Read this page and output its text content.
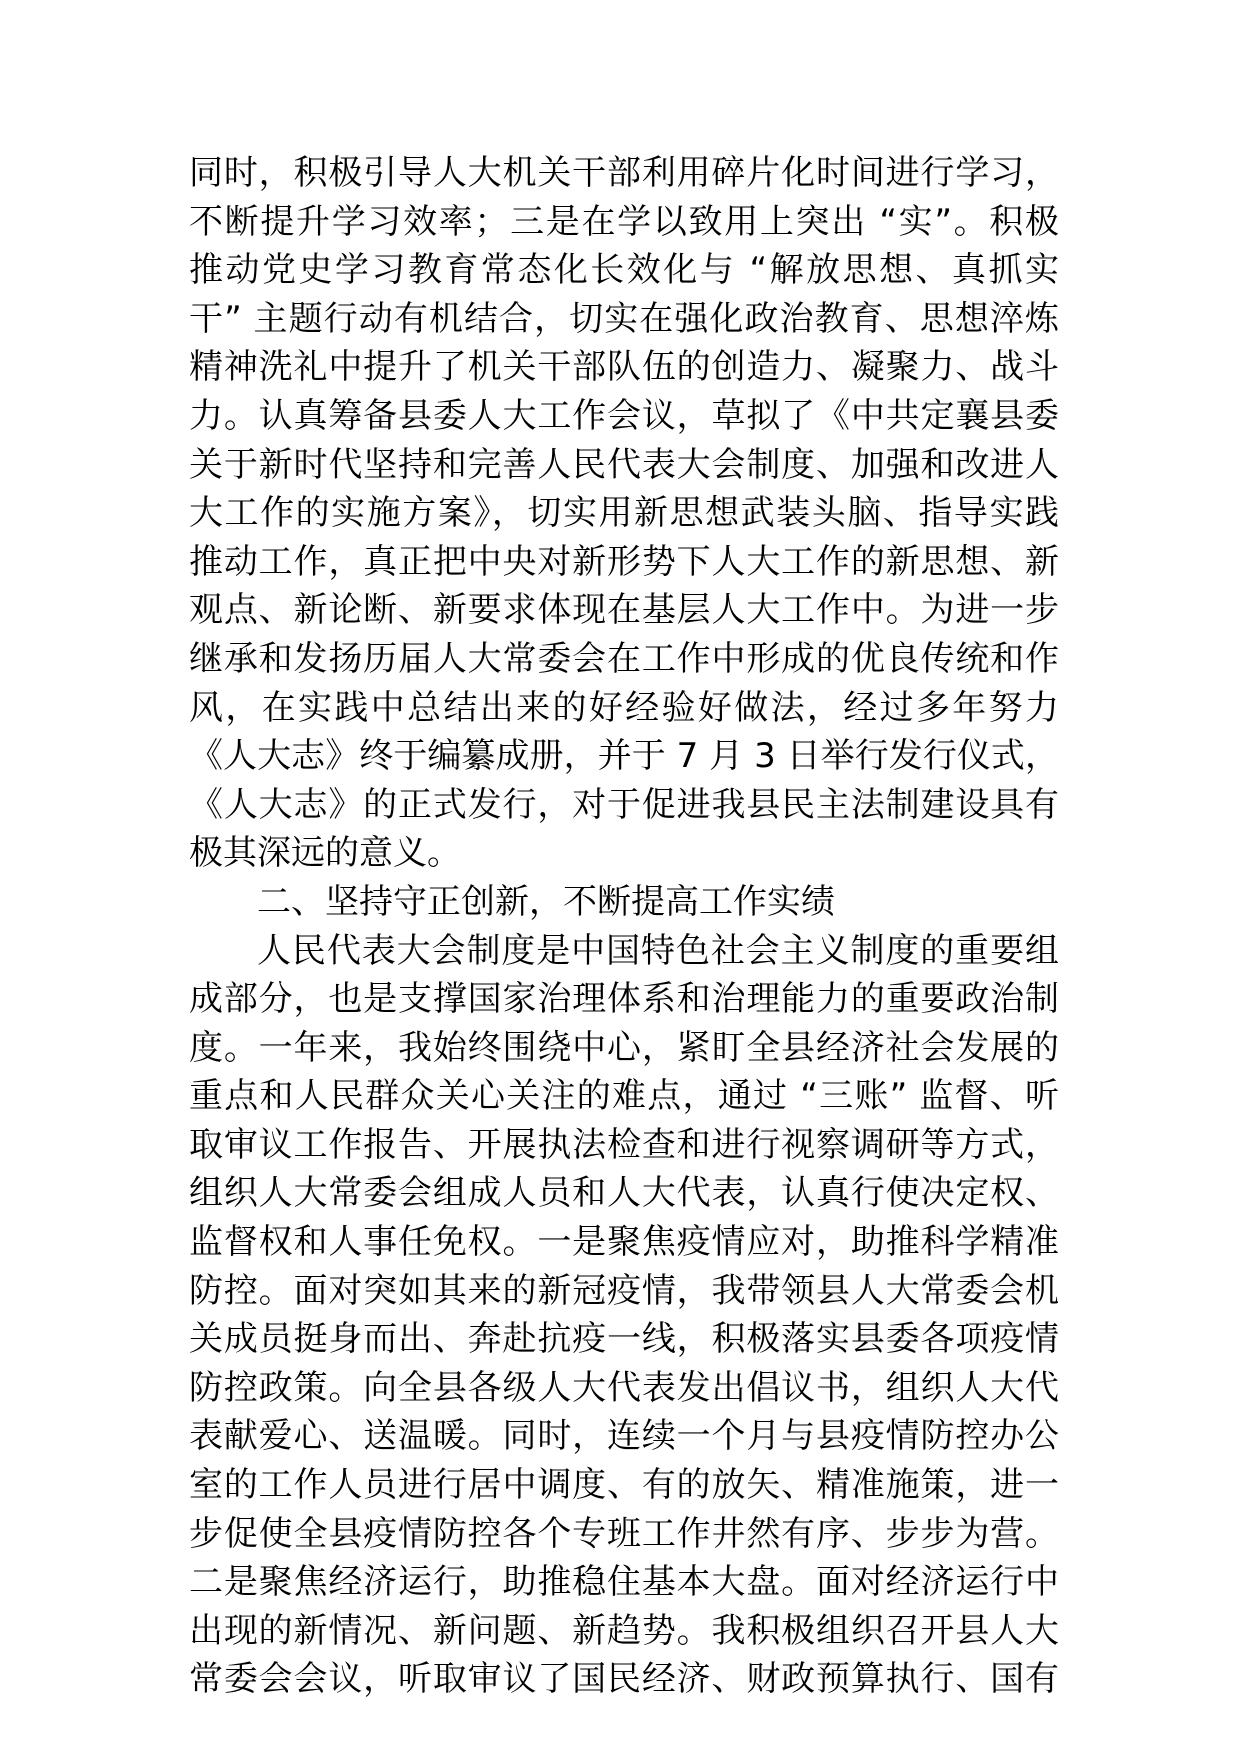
同时，积极引导人大机关干部利用碎片化时间进行学习，
不断提升学习效率；三是在学以致用上突出 “实”。积极
推动党史学习教育常态化长效化与 “解放思想、真抓实
干” 主题行动有机结合，切实在强化政治教育、思想淬炼
精神洗礼中提升了机关干部队伍的创造力、凝聚力、战斗
力。认真筹备县委人大工作会议，草拟了《中共定襄县委
关于新时代坚持和完善人民代表大会制度、加强和改进人
大工作的实施方案》，切实用新思想武装头脑、指导实践
推动工作，真正把中央对新形势下人大工作的新思想、新
观点、新论断、新要求体现在基层人大工作中。为进一步
继承和发扬历届人大常委会在工作中形成的优良传统和作
风，在实践中总结出来的好经验好做法，经过多年努力
《人大志》终于编纂成册，并于 7 月 3 日举行发行仪式，
《人大志》的正式发行，对于促进我县民主法制建设具有
极其深远的意义。
二、坚持守正创新，不断提高工作实绩
人民代表大会制度是中国特色社会主义制度的重要组
成部分，也是支撑国家治理体系和治理能力的重要政治制
度。一年来，我始终围绕中心，紧盯全县经济社会发展的
重点和人民群众关心关注的难点，通过 “三账” 监督、听
取审议工作报告、开展执法检查和进行视察调研等方式，
组织人大常委会组成人员和人大代表，认真行使决定权、
监督权和人事任免权。一是聚焦疫情应对，助推科学精准
防控。面对突如其来的新冠疫情，我带领县人大常委会机
关成员挺身而出、奔赴抗疫一线，积极落实县委各项疫情
防控政策。向全县各级人大代表发出倡议书，组织人大代
表献爱心、送温暖。同时，连续一个月与县疫情防控办公
室的工作人员进行居中调度、有的放矢、精准施策，进一
步促使全县疫情防控各个专班工作井然有序、步步为营。
二是聚焦经济运行，助推稳住基本大盘。面对经济运行中
出现的新情况、新问题、新趋势。我积极组织召开县人大
常委会会议，听取审议了国民经济、财政预算执行、国有
